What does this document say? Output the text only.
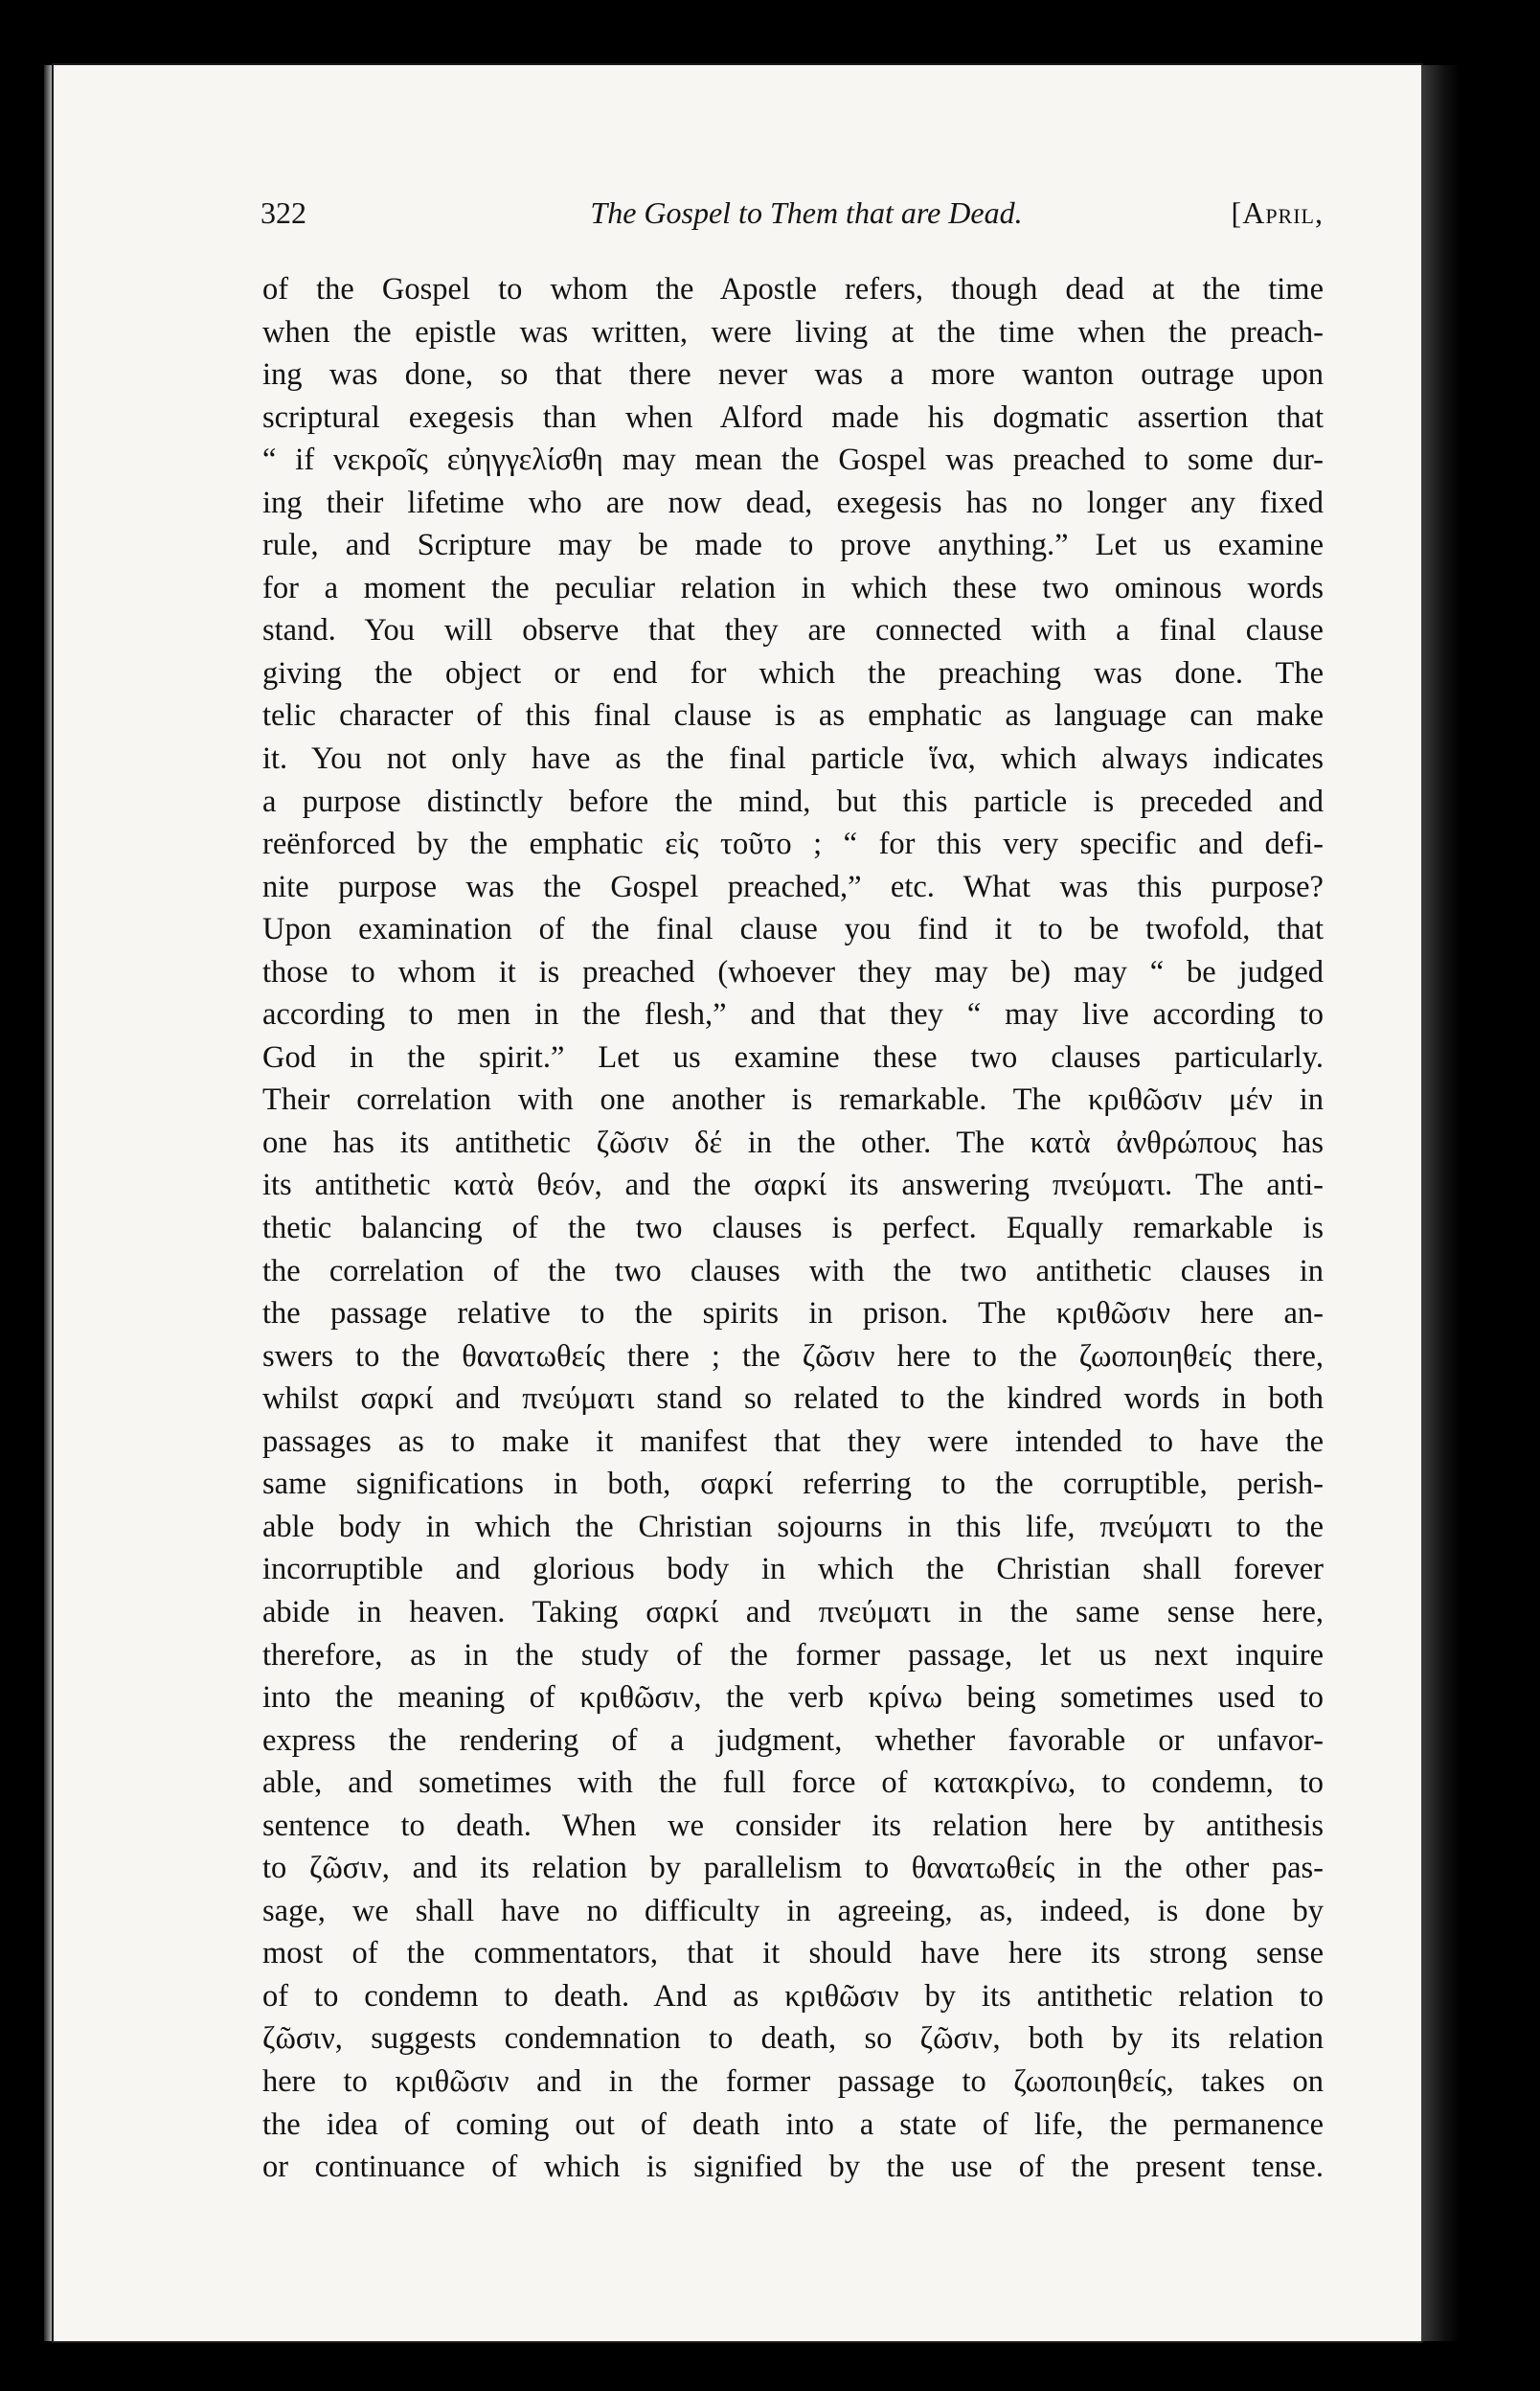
322	The Gospel to Them that are Dead.	[April,
of the Gospel to whom the Apostle refers, though dead at the time
when the epistle was written, were living at the time when the preach-
ing was done, so that there never was a more wanton outrage upon
scriptural exegesis than when Alford made his dogmatic assertion that
“ if νεκροῖς εὐηγγελίσθη may mean the Gospel was preached to some dur-
ing their lifetime who are now dead, exegesis has no longer any fixed
rule, and Scripture may be made to prove anything.” Let us examine
for a moment the peculiar relation in which these two ominous words
stand. You will observe that they are connected with a final clause
giving the object or end for which the preaching was done. The
telic character of this final clause is as emphatic as language can make
it. You not only have as the final particle ἵνα, which always indicates
a purpose distinctly before the mind, but this particle is preceded and
reënforced by the emphatic εἰς τοῦτο ; “ for this very specific and defi-
nite purpose was the Gospel preached,” etc. What was this purpose?
Upon examination of the final clause you find it to be twofold, that
those to whom it is preached (whoever they may be) may “ be judged
according to men in the flesh,” and that they “ may live according to
God in the spirit.” Let us examine these two clauses particularly.
Their correlation with one another is remarkable. The κριθῶσιν μέν in
one has its antithetic ζῶσιν δέ in the other. The κατὰ ἀνθρώπους has
its antithetic κατὰ θεόν, and the σαρκί its answering πνεύματι. The anti-
thetic balancing of the two clauses is perfect. Equally remarkable is
the correlation of the two clauses with the two antithetic clauses in
the passage relative to the spirits in prison. The κριθῶσιν here an-
swers to the θανατωθείς there ; the ζῶσιν here to the ζωοποιηθείς there,
whilst σαρκί and πνεύματι stand so related to the kindred words in both
passages as to make it manifest that they were intended to have the
same significations in both, σαρκί referring to the corruptible, perish-
able body in which the Christian sojourns in this life, πνεύματι to the
incorruptible and glorious body in which the Christian shall forever
abide in heaven. Taking σαρκί and πνεύματι in the same sense here,
therefore, as in the study of the former passage, let us next inquire
into the meaning of κριθῶσιν, the verb κρίνω being sometimes used to
express the rendering of a judgment, whether favorable or unfavor-
able, and sometimes with the full force of κατακρίνω, to condemn, to
sentence to death. When we consider its relation here by antithesis
to ζῶσιν, and its relation by parallelism to θανατωθείς in the other pas-
sage, we shall have no difficulty in agreeing, as, indeed, is done by
most of the commentators, that it should have here its strong sense
of to condemn to death. And as κριθῶσιν by its antithetic relation to
ζῶσιν, suggests condemnation to death, so ζῶσιν, both by its relation
here to κριθῶσιν and in the former passage to ζωοποιηθείς, takes on
the idea of coming out of death into a state of life, the permanence
or continuance of which is signified by the use of the present tense.
